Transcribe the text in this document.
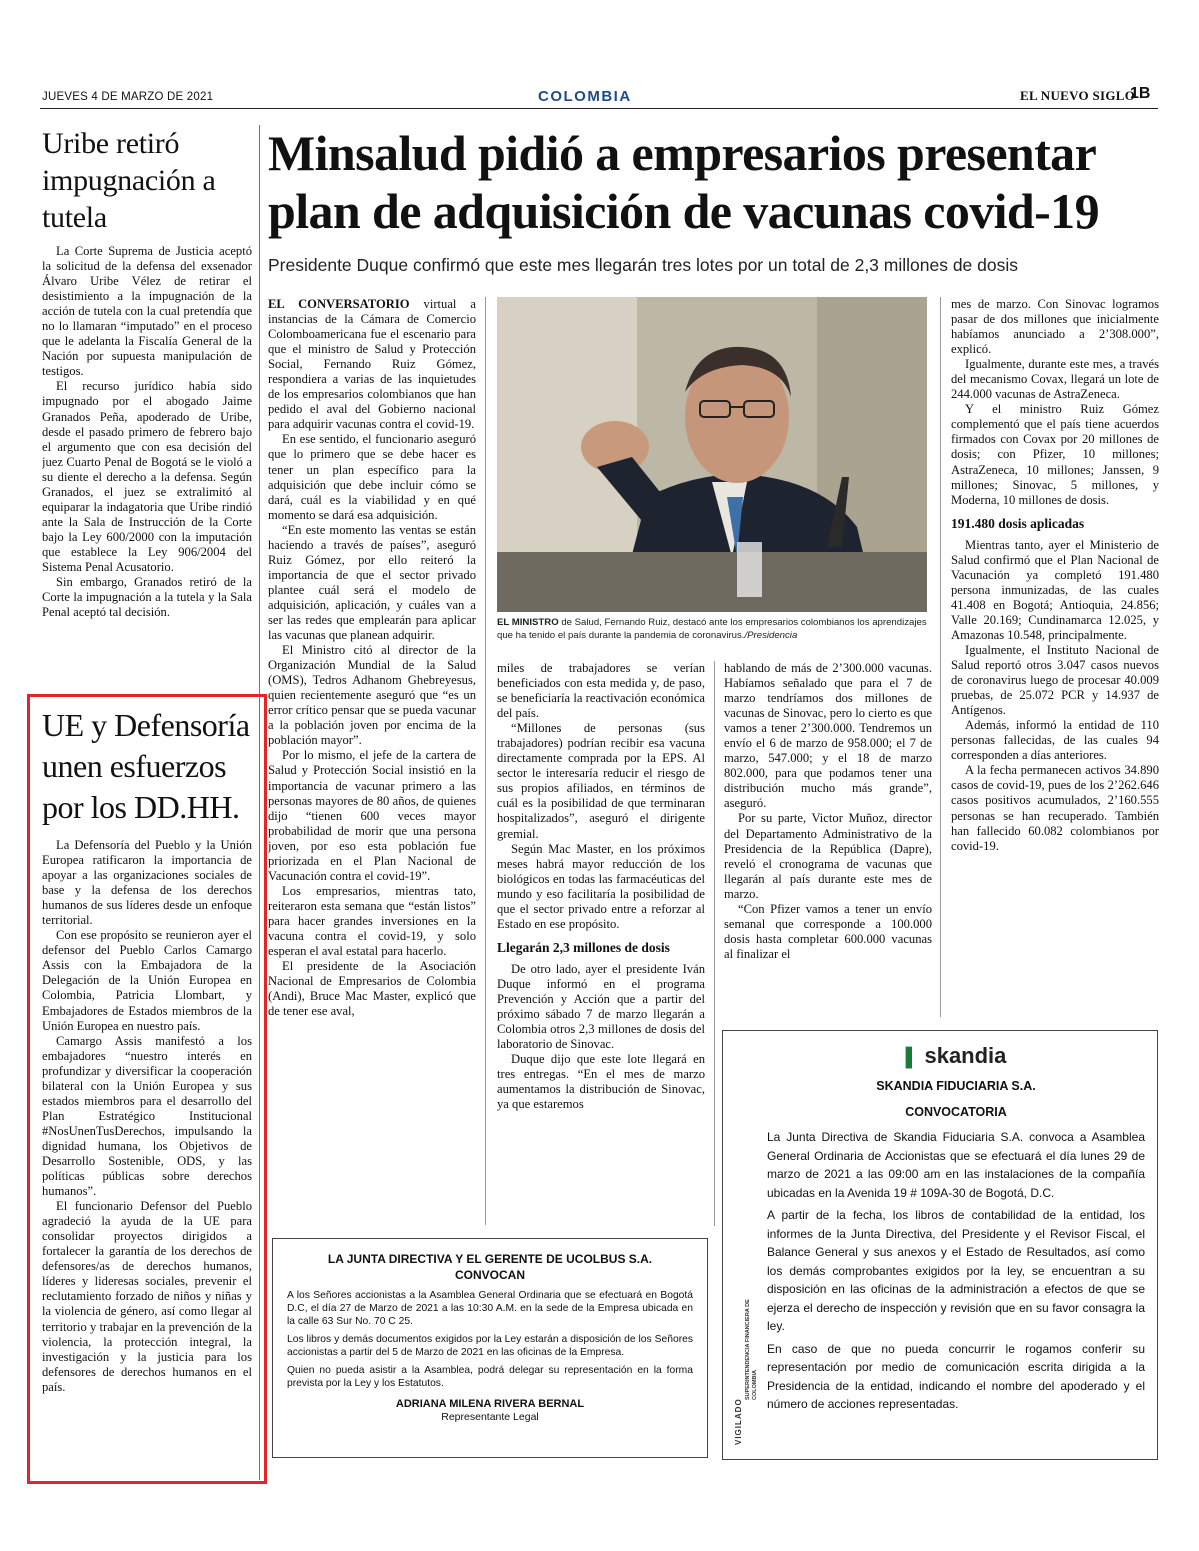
JUEVES 4 DE MARZO DE 2021	COLOMBIA	EL NUEVO SIGLO
1B
Uribe retiró impugnación a tutela

La Corte Suprema de Justicia aceptó la solicitud de la defensa del exsenador Álvaro Uribe Vélez de retirar el desistimiento a la impugnación de la acción de tutela con la cual pretendía que no lo llamaran “imputado” en el proceso que le adelanta la Fiscalía General de la Nación por supuesta manipulación de testigos.

El recurso jurídico había sido impugnado por el abogado Jaime Granados Peña, apoderado de Uribe, desde el pasado primero de febrero bajo el argumento que con esa decisión del juez Cuarto Penal de Bogotá se le violó a su diente el derecho a la defensa. Según Granados, el juez se extralimitó al equiparar la indagatoria que Uribe rindió ante la Sala de Instrucción de la Corte bajo la Ley 600/2000 con la imputación que establece la Ley 906/2004 del Sistema Penal Acusatorio.

Sin embargo, Granados retiró de la Corte la impugnación a la tutela y la Sala Penal aceptó tal decisión.

UE y Defensoría unen esfuerzos por los DD.HH.

La Defensoría del Pueblo y la Unión Europea ratificaron la importancia de apoyar a las organizaciones sociales de base y la defensa de los derechos humanos de sus líderes desde un enfoque territorial.

Con ese propósito se reunieron ayer el defensor del Pueblo Carlos Camargo Assis con la Embajadora de la Delegación de la Unión Europea en Colombia, Patricia Llombart, y Embajadores de Estados miembros de la Unión Europea en nuestro país.

Camargo Assis manifestó a los embajadores “nuestro interés en profundizar y diversificar la cooperación bilateral con la Unión Europea y sus estados miembros para el desarrollo del Plan Estratégico Institucional #NosUnenTusDerechos, impulsando la dignidad humana, los Objetivos de Desarrollo Sostenible, ODS, y las políticas públicas sobre derechos humanos”.

El funcionario Defensor del Pueblo agradeció la ayuda de la UE para consolidar proyectos dirigidos a fortalecer la garantía de los derechos de defensores/as de derechos humanos, líderes y lideresas sociales, prevenir el reclutamiento forzado de niños y niñas y la violencia de género, así como llegar al territorio y trabajar en la prevención de la violencia, la protección integral, la investigación y la justicia para los defensores de derechos humanos en el país.

Minsalud pidió a empresarios presentar plan de adquisición de vacunas covid-19
Presidente Duque confirmó que este mes llegarán tres lotes por un total de 2,3 millones de dosis

EL CONVERSATORIO virtual a instancias de la Cámara de Comercio Colomboamericana fue el escenario para que el ministro de Salud y Protección Social, Fernando Ruiz Gómez, respondiera a varias de las inquietudes de los empresarios colombianos que han pedido el aval del Gobierno nacional para adquirir vacunas contra el covid-19.

En ese sentido, el funcionario aseguró que lo primero que se debe hacer es tener un plan específico para la adquisición que debe incluir cómo se dará, cuál es la viabilidad y en qué momento se dará esa adquisición.

“En este momento las ventas se están haciendo a través de países”, aseguró Ruiz Gómez, por ello reiteró la importancia de que el sector privado plantee cuál será el modelo de adquisición, aplicación, y cuáles van a ser las redes que emplearán para aplicar las vacunas que planean adquirir.

El Ministro citó al director de la Organización Mundial de la Salud (OMS), Tedros Adhanom Ghebreyesus, quien recientemente aseguró que “es un error crítico pensar que se pueda vacunar a la población joven por encima de la población mayor”.

Por lo mismo, el jefe de la cartera de Salud y Protección Social insistió en la importancia de vacunar primero a las personas mayores de 80 años, de quienes dijo “tienen 600 veces mayor probabilidad de morir que una persona joven, por eso esta población fue priorizada en el Plan Nacional de Vacunación contra el covid-19”.

Los empresarios, mientras tato, reiteraron esta semana que “están listos” para hacer grandes inversiones en la vacuna contra el covid-19, y solo esperan el aval estatal para hacerlo.

El presidente de la Asociación Nacional de Empresarios de Colombia (Andi), Bruce Mac Master, explicó que de tener ese aval,

EL MINISTRO de Salud, Fernando Ruiz, destacó ante los empresarios colombianos los aprendizajes que ha tenido el país durante la pandemia de coronavirus./Presidencia

miles de trabajadores se verían beneficiados con esta medida y, de paso, se beneficiaría la reactivación económica del país.

“Millones de personas (sus trabajadores) podrían recibir esa vacuna directamente comprada por la EPS. Al sector le interesaría reducir el riesgo de sus propios afiliados, en términos de cuál es la posibilidad de que terminaran hospitalizados”, aseguró el dirigente gremial.

Según Mac Master, en los próximos meses habrá mayor reducción de los biológicos en todas las farmacéuticas del mundo y eso facilitaría la posibilidad de que el sector privado entre a reforzar al Estado en ese propósito.

Llegarán 2,3 millones de dosis

De otro lado, ayer el presidente Iván Duque informó en el programa Prevención y Acción que a partir del próximo sábado 7 de marzo llegarán a Colombia otros 2,3 millones de dosis del laboratorio de Sinovac.

Duque dijo que este lote llegará en tres entregas. “En el mes de marzo aumentamos la distribución de Sinovac, ya que estaremos

hablando de más de 2’300.000 vacunas. Habíamos señalado que para el 7 de marzo tendríamos dos millones de vacunas de Sinovac, pero lo cierto es que vamos a tener 2’300.000. Tendremos un envío el 6 de marzo de 958.000; el 7 de marzo, 547.000; y el 18 de marzo 802.000, para que podamos tener una distribución mucho más grande”, aseguró.

Por su parte, Victor Muñoz, director del Departamento Administrativo de la Presidencia de la República (Dapre), reveló el cronograma de vacunas que llegarán al país durante este mes de marzo.

“Con Pfizer vamos a tener un envío semanal que corresponde a 100.000 dosis hasta completar 600.000 vacunas al finalizar el

mes de marzo. Con Sinovac logramos pasar de dos millones que inicialmente habíamos anunciado a 2’308.000”, explicó.

Igualmente, durante este mes, a través del mecanismo Covax, llegará un lote de 244.000 vacunas de AstraZeneca.

Y el ministro Ruiz Gómez complementó que el país tiene acuerdos firmados con Covax por 20 millones de dosis; con Pfizer, 10 millones; AstraZeneca, 10 millones; Janssen, 9 millones; Sinovac, 5 millones, y Moderna, 10 millones de dosis.

191.480 dosis aplicadas

Mientras tanto, ayer el Ministerio de Salud confirmó que el Plan Nacional de Vacunación ya completó 191.480 persona inmunizadas, de las cuales 41.408 en Bogotá; Antioquia, 24.856; Valle 20.169; Cundinamarca 12.025, y Amazonas 10.548, principalmente.

Igualmente, el Instituto Nacional de Salud reportó otros 3.047 casos nuevos de coronavirus luego de procesar 40.009 pruebas, de 25.072 PCR y 14.937 de Antígenos.

Además, informó la entidad de 110 personas fallecidas, de las cuales 94 corresponden a días anteriores.

A la fecha permanecen activos 34.890 casos de covid-19, pues de los 2’262.646 casos positivos acumulados, 2’160.555 personas se han recuperado. También han fallecido 60.082 colombianos por covid-19.

LA JUNTA DIRECTIVA Y EL GERENTE DE UCOLBUS S.A.
CONVOCAN

A los Señores accionistas a la Asamblea General Ordinaria que se efectuará en Bogotá D.C, el día 27 de Marzo de 2021 a las 10:30 A.M. en la sede de la Empresa ubicada en la calle 63 Sur No. 70 C 25.

Los libros y demás documentos exigidos por la Ley estarán a disposición de los Señores accionistas a partir del 5 de Marzo de 2021 en las oficinas de la Empresa.

Quien no pueda asistir a la Asamblea, podrá delegar su representación en la forma prevista por la Ley y los Estatutos.

ADRIANA MILENA RIVERA BERNAL
Representante Legal
▌ skandia
SKANDIA FIDUCIARIA S.A.
CONVOCATORIA

La Junta Directiva de Skandia Fiduciaria S.A. convoca a Asamblea General Ordinaria de Accionistas que se efectuará el día lunes 29 de marzo de 2021 a las 09:00 am en las instalaciones de la compañía ubicadas en la Avenida 19 # 109A-30 de Bogotá, D.C.

A partir de la fecha, los libros de contabilidad de la entidad, los informes de la Junta Directiva, del Presidente y el Revisor Fiscal, el Balance General y sus anexos y el Estado de Resultados, así como los demás comprobantes exigidos por la ley, se encuentran a su disposición en las oficinas de la administración a efectos de que se ejerza el derecho de inspección y revisión que en su favor consagra la ley.

En caso de que no pueda concurrir le rogamos conferir su representación por medio de comunicación escrita dirigida a la Presidencia de la entidad, indicando el nombre del apoderado y el número de acciones representadas.

VIGILADO
SUPERINTENDENCIA FINANCIERA DE COLOMBIA
